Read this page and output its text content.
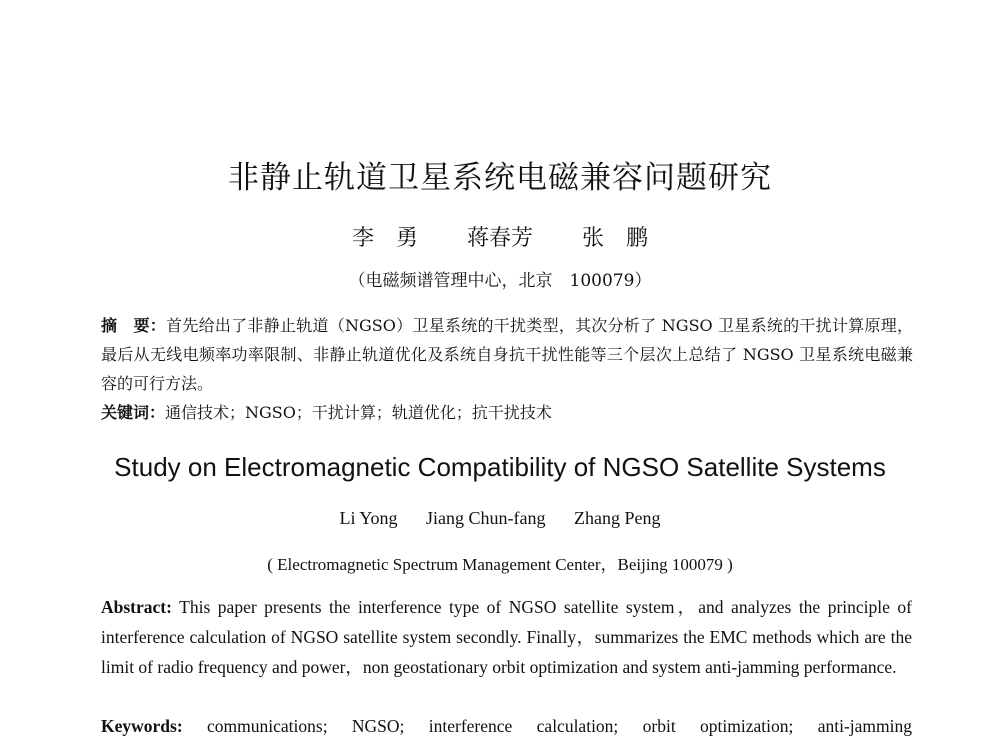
非静止轨道卫星系统电磁兼容问题研究
李　勇 蒋春芳 张　鹏
（电磁频谱管理中心，北京　100079）
摘　要：首先给出了非静止轨道（NGSO）卫星系统的干扰类型，其次分析了 NGSO 卫星系统的干扰计算原理，最后从无线电频率功率限制、非静止轨道优化及系统自身抗干扰性能等三个层次上总结了 NGSO 卫星系统电磁兼容的可行方法。
关键词：通信技术；NGSO；干扰计算；轨道优化；抗干扰技术
Study on Electromagnetic Compatibility of NGSO Satellite Systems
Li Yong Jiang Chun-fang Zhang Peng
( Electromagnetic Spectrum Management Center，Beijing 100079 )
Abstract: This paper presents the interference type of NGSO satellite system，and analyzes the principle of interference calculation of NGSO satellite system secondly. Finally，summarizes the EMC methods which are the limit of radio frequency and power，non geostationary orbit optimization and system anti-jamming performance.
Keywords: communications; NGSO; interference calculation; orbit optimization; anti-jamming
